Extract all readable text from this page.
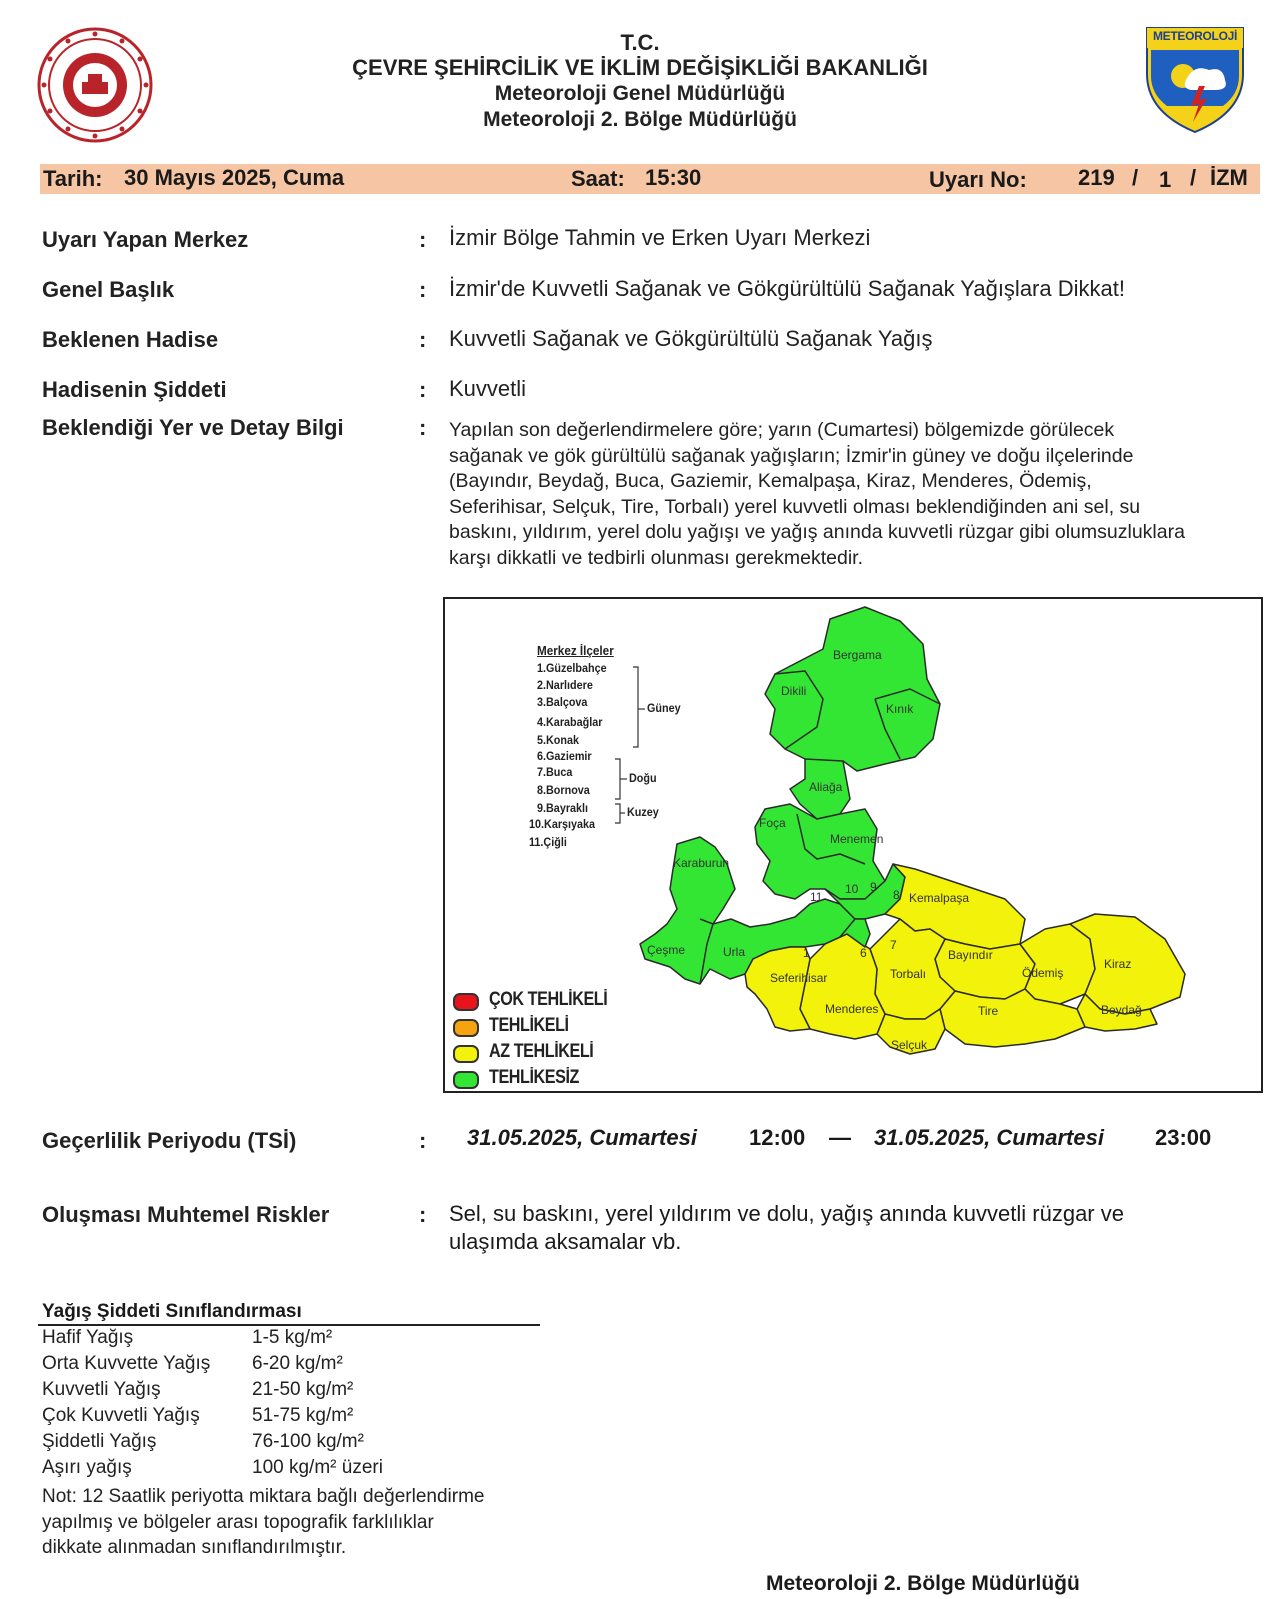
T.C.
ÇEVRE ŞEHİRCİLİK VE İKLİM DEĞİŞİKLİĞİ BAKANLIĞI
Meteoroloji Genel Müdürlüğü
Meteoroloji 2. Bölge Müdürlüğü
METEOROLOJİ
Tarih: 30 Mayıs 2025, Cuma	Saat: 15:30	Uyarı No: 219 / 1 / İZM
Uyarı Yapan Merkez	: İzmir Bölge Tahmin ve Erken Uyarı Merkezi
Genel Başlık	: İzmir'de Kuvvetli Sağanak ve Gökgürültülü Sağanak Yağışlara Dikkat!
Beklenen Hadise	: Kuvvetli Sağanak ve Gökgürültülü Sağanak Yağış
Hadisenin Şiddeti	: Kuvvetli
Beklendiği Yer ve Detay Bilgi	: Yapılan son değerlendirmelere göre; yarın (Cumartesi) bölgemizde görülecek
sağanak ve gök gürültülü sağanak yağışların; İzmir'in güney ve doğu ilçelerinde
(Bayındır, Beydağ, Buca, Gaziemir, Kemalpaşa, Kiraz, Menderes, Ödemiş,
Seferihisar, Selçuk, Tire, Torbalı) yerel kuvvetli olması beklendiğinden ani sel, su
baskını, yıldırım, yerel dolu yağışı ve yağış anında kuvvetli rüzgar gibi olumsuzluklara
karşı dikkatli ve tedbirli olunması gerekmektedir.
Bergama
Dikili
Kınık
Aliağa
Foça
Menemen
Karaburun
Çeşme	Urla
Kemalpaşa
Bayındır
Ödemiş
Kiraz
Torbalı
Tire	Beydağ
Seferihisar
Menderes
Selçuk
11
10 9
8
7
6
1
Merkez İlçeler
1.Güzelbahçe
2.Narlıdere
3.Balçova
4.Karabağlar
5.Konak
6.Gaziemir
7.Buca
8.Bornova
9.Bayraklı
10.Karşıyaka
11.Çiğli
Güney
Doğu
Kuzey
ÇOK TEHLİKELİ
TEHLİKELİ
AZ TEHLİKELİ
TEHLİKESİZ
Geçerlilik Periyodu (TSİ)	: 31.05.2025, Cumartesi 12:00 — 31.05.2025, Cumartesi 23:00
Oluşması Muhtemel Riskler	: Sel, su baskını, yerel yıldırım ve dolu, yağış anında kuvvetli rüzgar ve
ulaşımda aksamalar vb.
Yağış Şiddeti Sınıflandırması
Hafif Yağış	1-5 kg/m²
Orta Kuvvette Yağış 6-20 kg/m²
Kuvvetli Yağış	21-50 kg/m²
Çok Kuvvetli Yağış	51-75 kg/m²
Şiddetli Yağış	76-100 kg/m²
Aşırı yağış	100 kg/m² üzeri
Not: 12 Saatlik periyotta miktara bağlı değerlendirme
yapılmış ve bölgeler arası topografik farklılıklar
dikkate alınmadan sınıflandırılmıştır.
Meteoroloji 2. Bölge Müdürlüğü
